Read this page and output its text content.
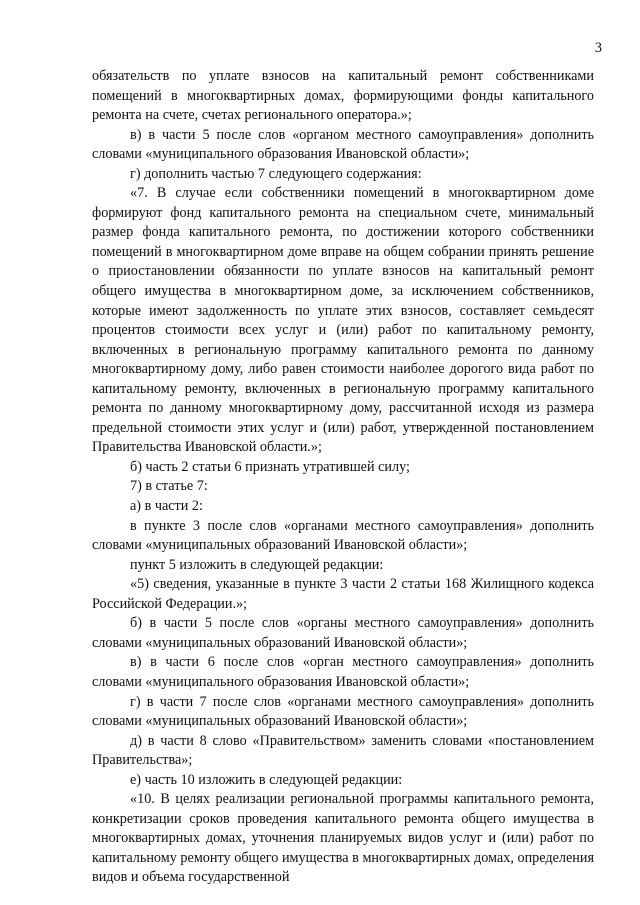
3

обязательств по уплате взносов на капитальный ремонт собственниками помещений в многоквартирных домах, формирующими фонды капитального ремонта на счете, счетах регионального оператора.»;

в) в части 5 после слов «органом местного самоуправления» дополнить словами «муниципального образования Ивановской области»;

г) дополнить частью 7 следующего содержания:

«7. В случае если собственники помещений в многоквартирном доме формируют фонд капитального ремонта на специальном счете, минимальный размер фонда капитального ремонта, по достижении которого собственники помещений в многоквартирном доме вправе на общем собрании принять решение о приостановлении обязанности по уплате взносов на капитальный ремонт общего имущества в многоквартирном доме, за исключением собственников, которые имеют задолженность по уплате этих взносов, составляет семьдесят процентов стоимости всех услуг и (или) работ по капитальному ремонту, включенных в региональную программу капитального ремонта по данному многоквартирному дому, либо равен стоимости наиболее дорогого вида работ по капитальному ремонту, включенных в региональную программу капитального ремонта по данному многоквартирному дому, рассчитанной исходя из размера предельной стоимости этих услуг и (или) работ, утвержденной постановлением Правительства Ивановской области.»;

б) часть 2 статьи 6 признать утратившей силу;

7) в статье 7:

а) в части 2:

в пункте 3 после слов «органами местного самоуправления» дополнить словами «муниципальных образований Ивановской области»;

пункт 5 изложить в следующей редакции:

«5) сведения, указанные в пункте 3 части 2 статьи 168 Жилищного кодекса Российской Федерации.»;

б) в части 5 после слов «органы местного самоуправления» дополнить словами «муниципальных образований Ивановской области»;

в) в части 6 после слов «орган местного самоуправления» дополнить словами «муниципального образования Ивановской области»;

г) в части 7 после слов «органами местного самоуправления» дополнить словами «муниципальных образований Ивановской области»;

д) в части 8 слово «Правительством» заменить словами «постановлением Правительства»;

е) часть 10 изложить в следующей редакции:

«10. В целях реализации региональной программы капитального ремонта, конкретизации сроков проведения капитального ремонта общего имущества в многоквартирных домах, уточнения планируемых видов услуг и (или) работ по капитальному ремонту общего имущества в многоквартирных домах, определения видов и объема государственной
